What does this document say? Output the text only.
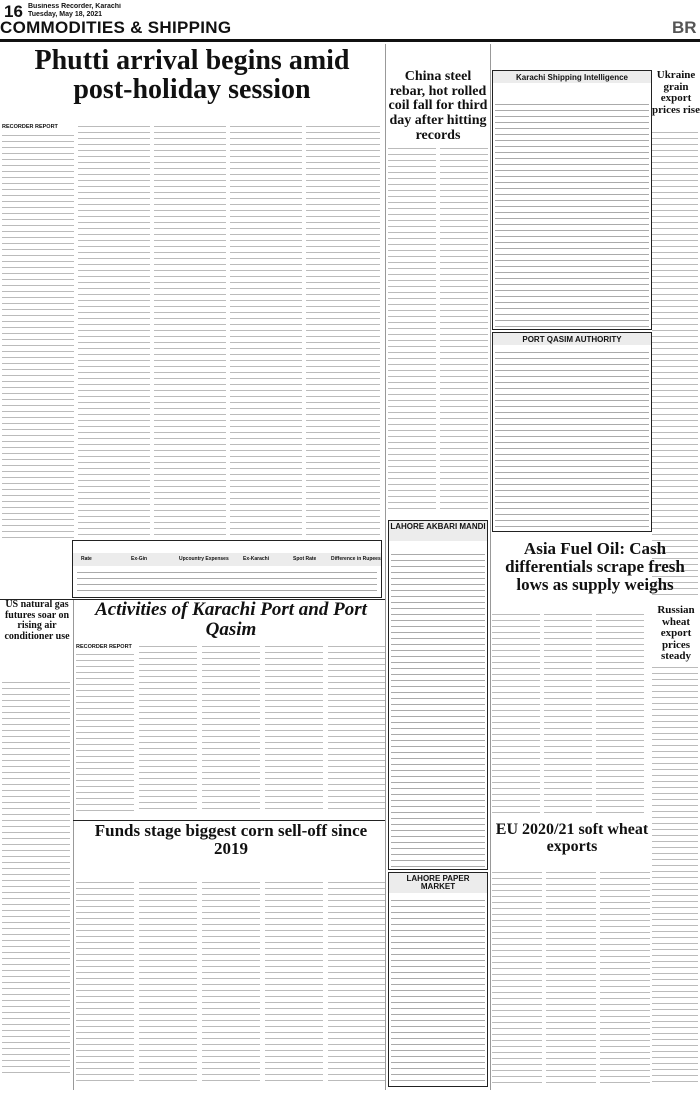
16 Business Recorder, Karachi
Tuesday, May 18, 2021
COMMODITIES & SHIPPING	BR
Phutti arrival begins amid post-holiday session
RECORDER REPORT
Rate	Ex-Gin	Upcountry Expenses	Ex-Karachi	Spot Rate	Difference in Rupees
China steel rebar, hot rolled coil fall for third day after hitting records
Karachi Shipping Intelligence
PORT QASIM AUTHORITY
Ukraine grain export prices rise
US natural gas futures soar on rising air conditioner use
Activities of Karachi Port and Port Qasim
RECORDER REPORT
LAHORE AKBARI MANDI
Asia Fuel Oil: Cash differentials scrape fresh lows as supply weighs
Russian wheat export prices steady
Funds stage biggest corn sell-off since 2019
LAHORE PAPER MARKET
EU 2020/21 soft wheat exports
